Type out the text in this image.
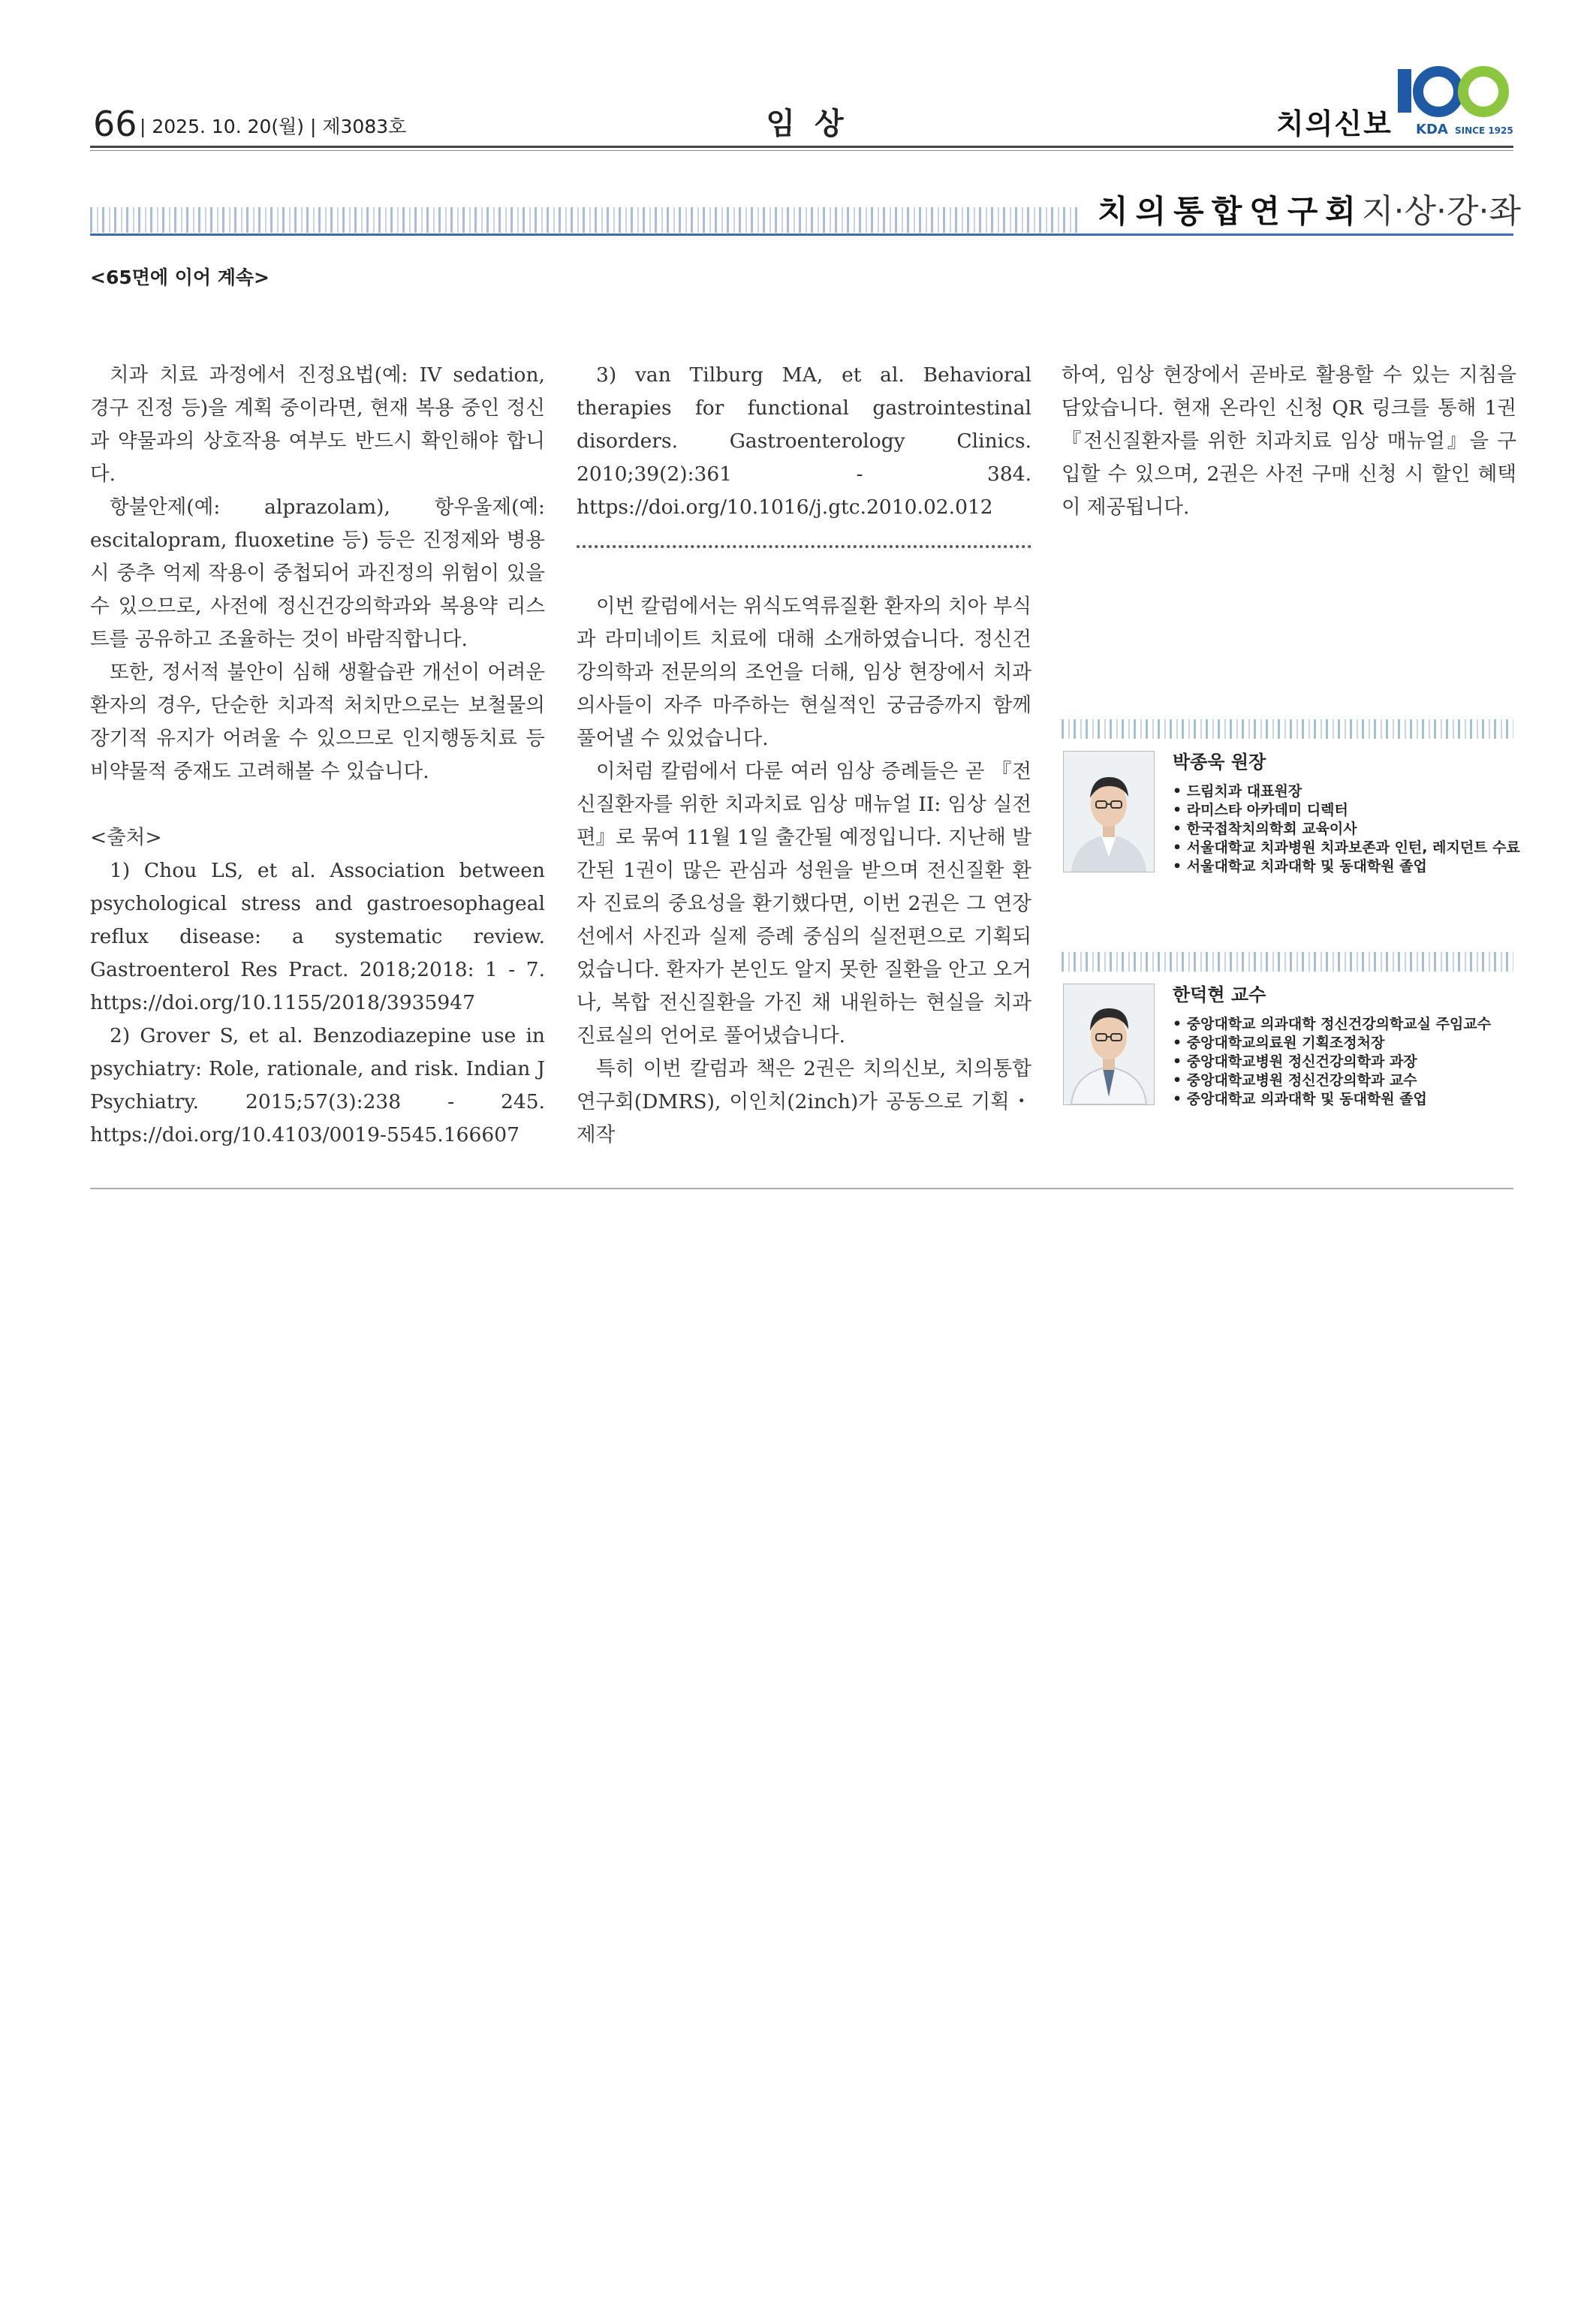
66 | 2025. 10. 20(월) | 제3083호	임 상	치의신보 KDA SINCE 1925
치의통합연구회
지·상·강·좌
<65면에 이어 계속>

치과 치료 과정에서 진정요법(예: IV sedation, 경구 진정 등)을 계획 중이라면, 현재 복용 중인 정신과 약물과의 상호작용 여부도 반드시 확인해야 합니다.

항불안제(예: alprazolam), 항우울제(예: escitalopram, fluoxetine 등) 등은 진정제와 병용 시 중추 억제 작용이 중첩되어 과진정의 위험이 있을 수 있으므로, 사전에 정신건강의학과와 복용약 리스트를 공유하고 조율하는 것이 바람직합니다.

또한, 정서적 불안이 심해 생활습관 개선이 어려운 환자의 경우, 단순한 치과적 처치만으로는 보철물의 장기적 유지가 어려울 수 있으므로 인지행동치료 등 비약물적 중재도 고려해볼 수 있습니다.

<출처>

1) Chou LS, et al. Association between psychological stress and gastroesophageal reflux disease: a systematic review. Gastroenterol Res Pract. 2018;2018: 1 - 7. https://doi.org/10.1155/2018/3935947

2) Grover S, et al. Benzodiazepine use in psychiatry: Role, rationale, and risk. Indian J Psychiatry. 2015;57(3):238 - 245. https://doi.org/10.4103/0019-5545.166607

3) van Tilburg MA, et al. Behavioral therapies for functional gastrointestinal disorders. Gastroenterology Clinics. 2010;39(2):361 - 384. https://doi.org/10.1016/j.gtc.2010.02.012

이번 칼럼에서는 위식도역류질환 환자의 치아 부식과 라미네이트 치료에 대해 소개하였습니다. 정신건강의학과 전문의의 조언을 더해, 임상 현장에서 치과의사들이 자주 마주하는 현실적인 궁금증까지 함께 풀어낼 수 있었습니다.

이처럼 칼럼에서 다룬 여러 임상 증례들은 곧 『전신질환자를 위한 치과치료 임상 매뉴얼 II: 임상 실전편』로 묶여 11월 1일 출간될 예정입니다. 지난해 발간된 1권이 많은 관심과 성원을 받으며 전신질환 환자 진료의 중요성을 환기했다면, 이번 2권은 그 연장선에서 사진과 실제 증례 중심의 실전편으로 기획되었습니다. 환자가 본인도 알지 못한 질환을 안고 오거나, 복합 전신질환을 가진 채 내원하는 현실을 치과 진료실의 언어로 풀어냈습니다.

특히 이번 칼럼과 책은 2권은 치의신보, 치의통합연구회(DMRS), 이인치(2inch)가 공동으로 기획・제작

하여, 임상 현장에서 곧바로 활용할 수 있는 지침을 담았습니다. 현재 온라인 신청 QR 링크를 통해 1권 『전신질환자를 위한 치과치료 임상 매뉴얼』을 구입할 수 있으며, 2권은 사전 구매 신청 시 할인 혜택이 제공됩니다.

박종욱 원장
• 드림치과 대표원장
• 라미스타 아카데미 디렉터
• 한국접착치의학회 교육이사
• 서울대학교 치과병원 치과보존과 인턴, 레지던트 수료
• 서울대학교 치과대학 및 동대학원 졸업
한덕현 교수
• 중앙대학교 의과대학 정신건강의학교실 주임교수
• 중앙대학교의료원 기획조정처장
• 중앙대학교병원 정신건강의학과 과장
• 중앙대학교병원 정신건강의학과 교수
• 중앙대학교 의과대학 및 동대학원 졸업
